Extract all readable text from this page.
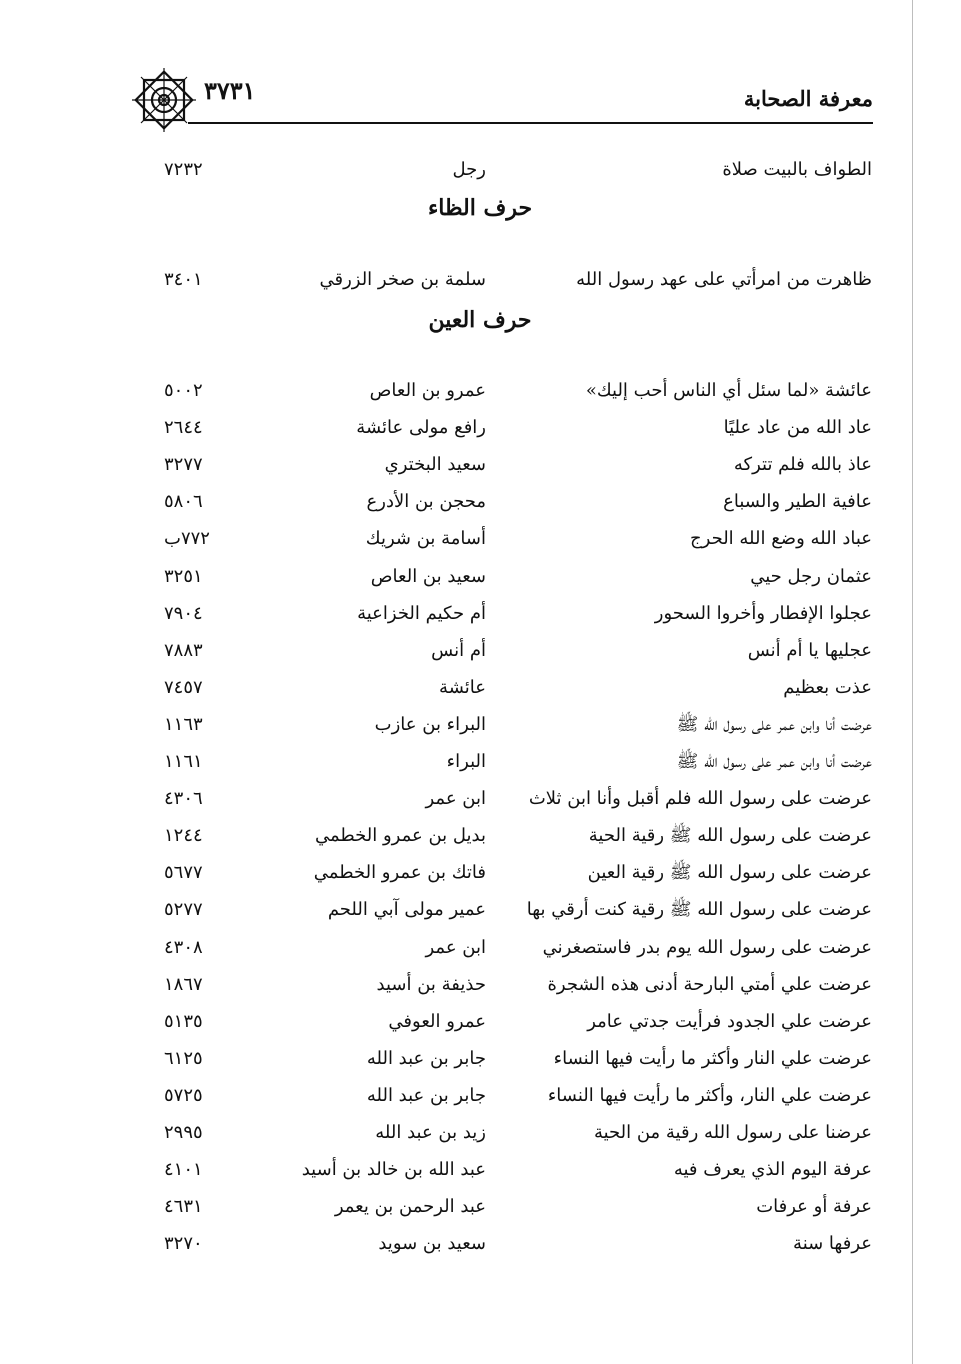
٣٧٣١	معرفة الصحابة
الطواف بالبيت صلاة
رجل
٧٢٣٢
حرف الظاء
ظاهرت من امرأتي على عهد رسول الله
سلمة بن صخر الزرقي
٣٤٠١
حرف العين
عائشة «لما سئل أي الناس أحب إليك»
عمرو بن العاص
٥٠٠٢
عاد الله من عاد عليًا
رافع مولى عائشة
٢٦٤٤
عاذ بالله فلم تتركه
سعيد البختري
٣٢٧٧
عافية الطير والسباع
محجن بن الأدرع
٥٨٠٦
عباد الله وضع الله الحرج
أسامة بن شريك
٧٧٢ب
عثمان رجل حيي
سعيد بن العاص
٣٢٥١
عجلوا الإفطار وأخروا السحور
أم حكيم الخزاعية
٧٩٠٤
عجليها يا أم أنس
أم أنس
٧٨٨٣
عذت بعظيم
عائشة
٧٤٥٧
عرضت أنا وابن عمر على رسول الله ﷺ
البراء بن عازب
١١٦٣
عرضت أنا وابن عمر على رسول الله ﷺ
البراء
١١٦١
عرضت على رسول الله فلم أقبل وأنا ابن ثلاث
ابن عمر
٤٣٠٦
عرضت على رسول الله ﷺ رقية الحية
بديل بن عمرو الخطمي
١٢٤٤
عرضت على رسول الله ﷺ رقية العين
فاتك بن عمرو الخطمي
٥٦٧٧
عرضت على رسول الله ﷺ رقية كنت أرقي بها
عمير مولى آبي اللحم
٥٢٧٧
عرضت على رسول الله يوم بدر فاستصغرني
ابن عمر
٤٣٠٨
عرضت علي أمتي البارحة أدنى هذه الشجرة
حذيفة بن أسيد
١٨٦٧
عرضت علي الجدود فرأيت جدتي عامر
عمرو العوفي
٥١٣٥
عرضت علي النار وأكثر ما رأيت فيها النساء
جابر بن عبد الله
٦١٢٥
عرضت علي النار، وأكثر ما رأيت فيها النساء
جابر بن عبد الله
٥٧٢٥
عرضنا على رسول الله رقية من الحية
زيد بن عبد الله
٢٩٩٥
عرفة اليوم الذي يعرف فيه
عبد الله بن خالد بن أسيد
٤١٠١
عرفة أو عرفات
عبد الرحمن بن يعمر
٤٦٣١
عرفها سنة
سعيد بن سويد
٣٢٧٠
